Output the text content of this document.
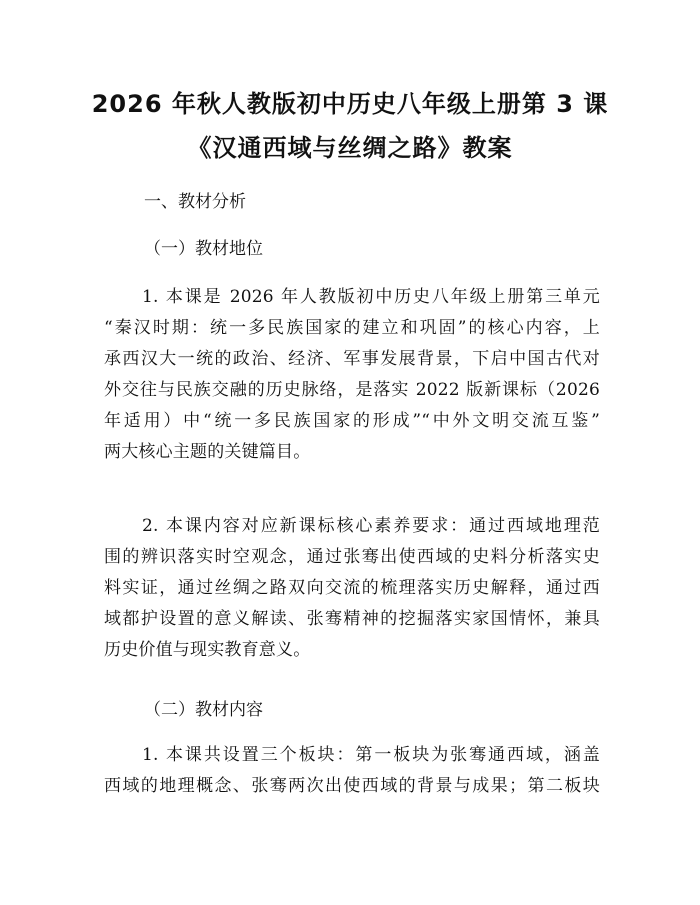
2026 年秋人教版初中历史八年级上册第 3 课
《汉通西域与丝绸之路》教案
一、教材分析
（一）教材地位
1. 本课是 2026 年人教版初中历史八年级上册第三单元
“秦汉时期：统一多民族国家的建立和巩固”的核心内容，上
承西汉大一统的政治、经济、军事发展背景，下启中国古代对
外交往与民族交融的历史脉络，是落实 2022 版新课标（2026
年适用）中“统一多民族国家的形成”“中外文明交流互鉴”
两大核心主题的关键篇目。
2. 本课内容对应新课标核心素养要求：通过西域地理范
围的辨识落实时空观念，通过张骞出使西域的史料分析落实史
料实证，通过丝绸之路双向交流的梳理落实历史解释，通过西
域都护设置的意义解读、张骞精神的挖掘落实家国情怀，兼具
历史价值与现实教育意义。
（二）教材内容
1. 本课共设置三个板块：第一板块为张骞通西域，涵盖
西域的地理概念、张骞两次出使西域的背景与成果；第二板块
